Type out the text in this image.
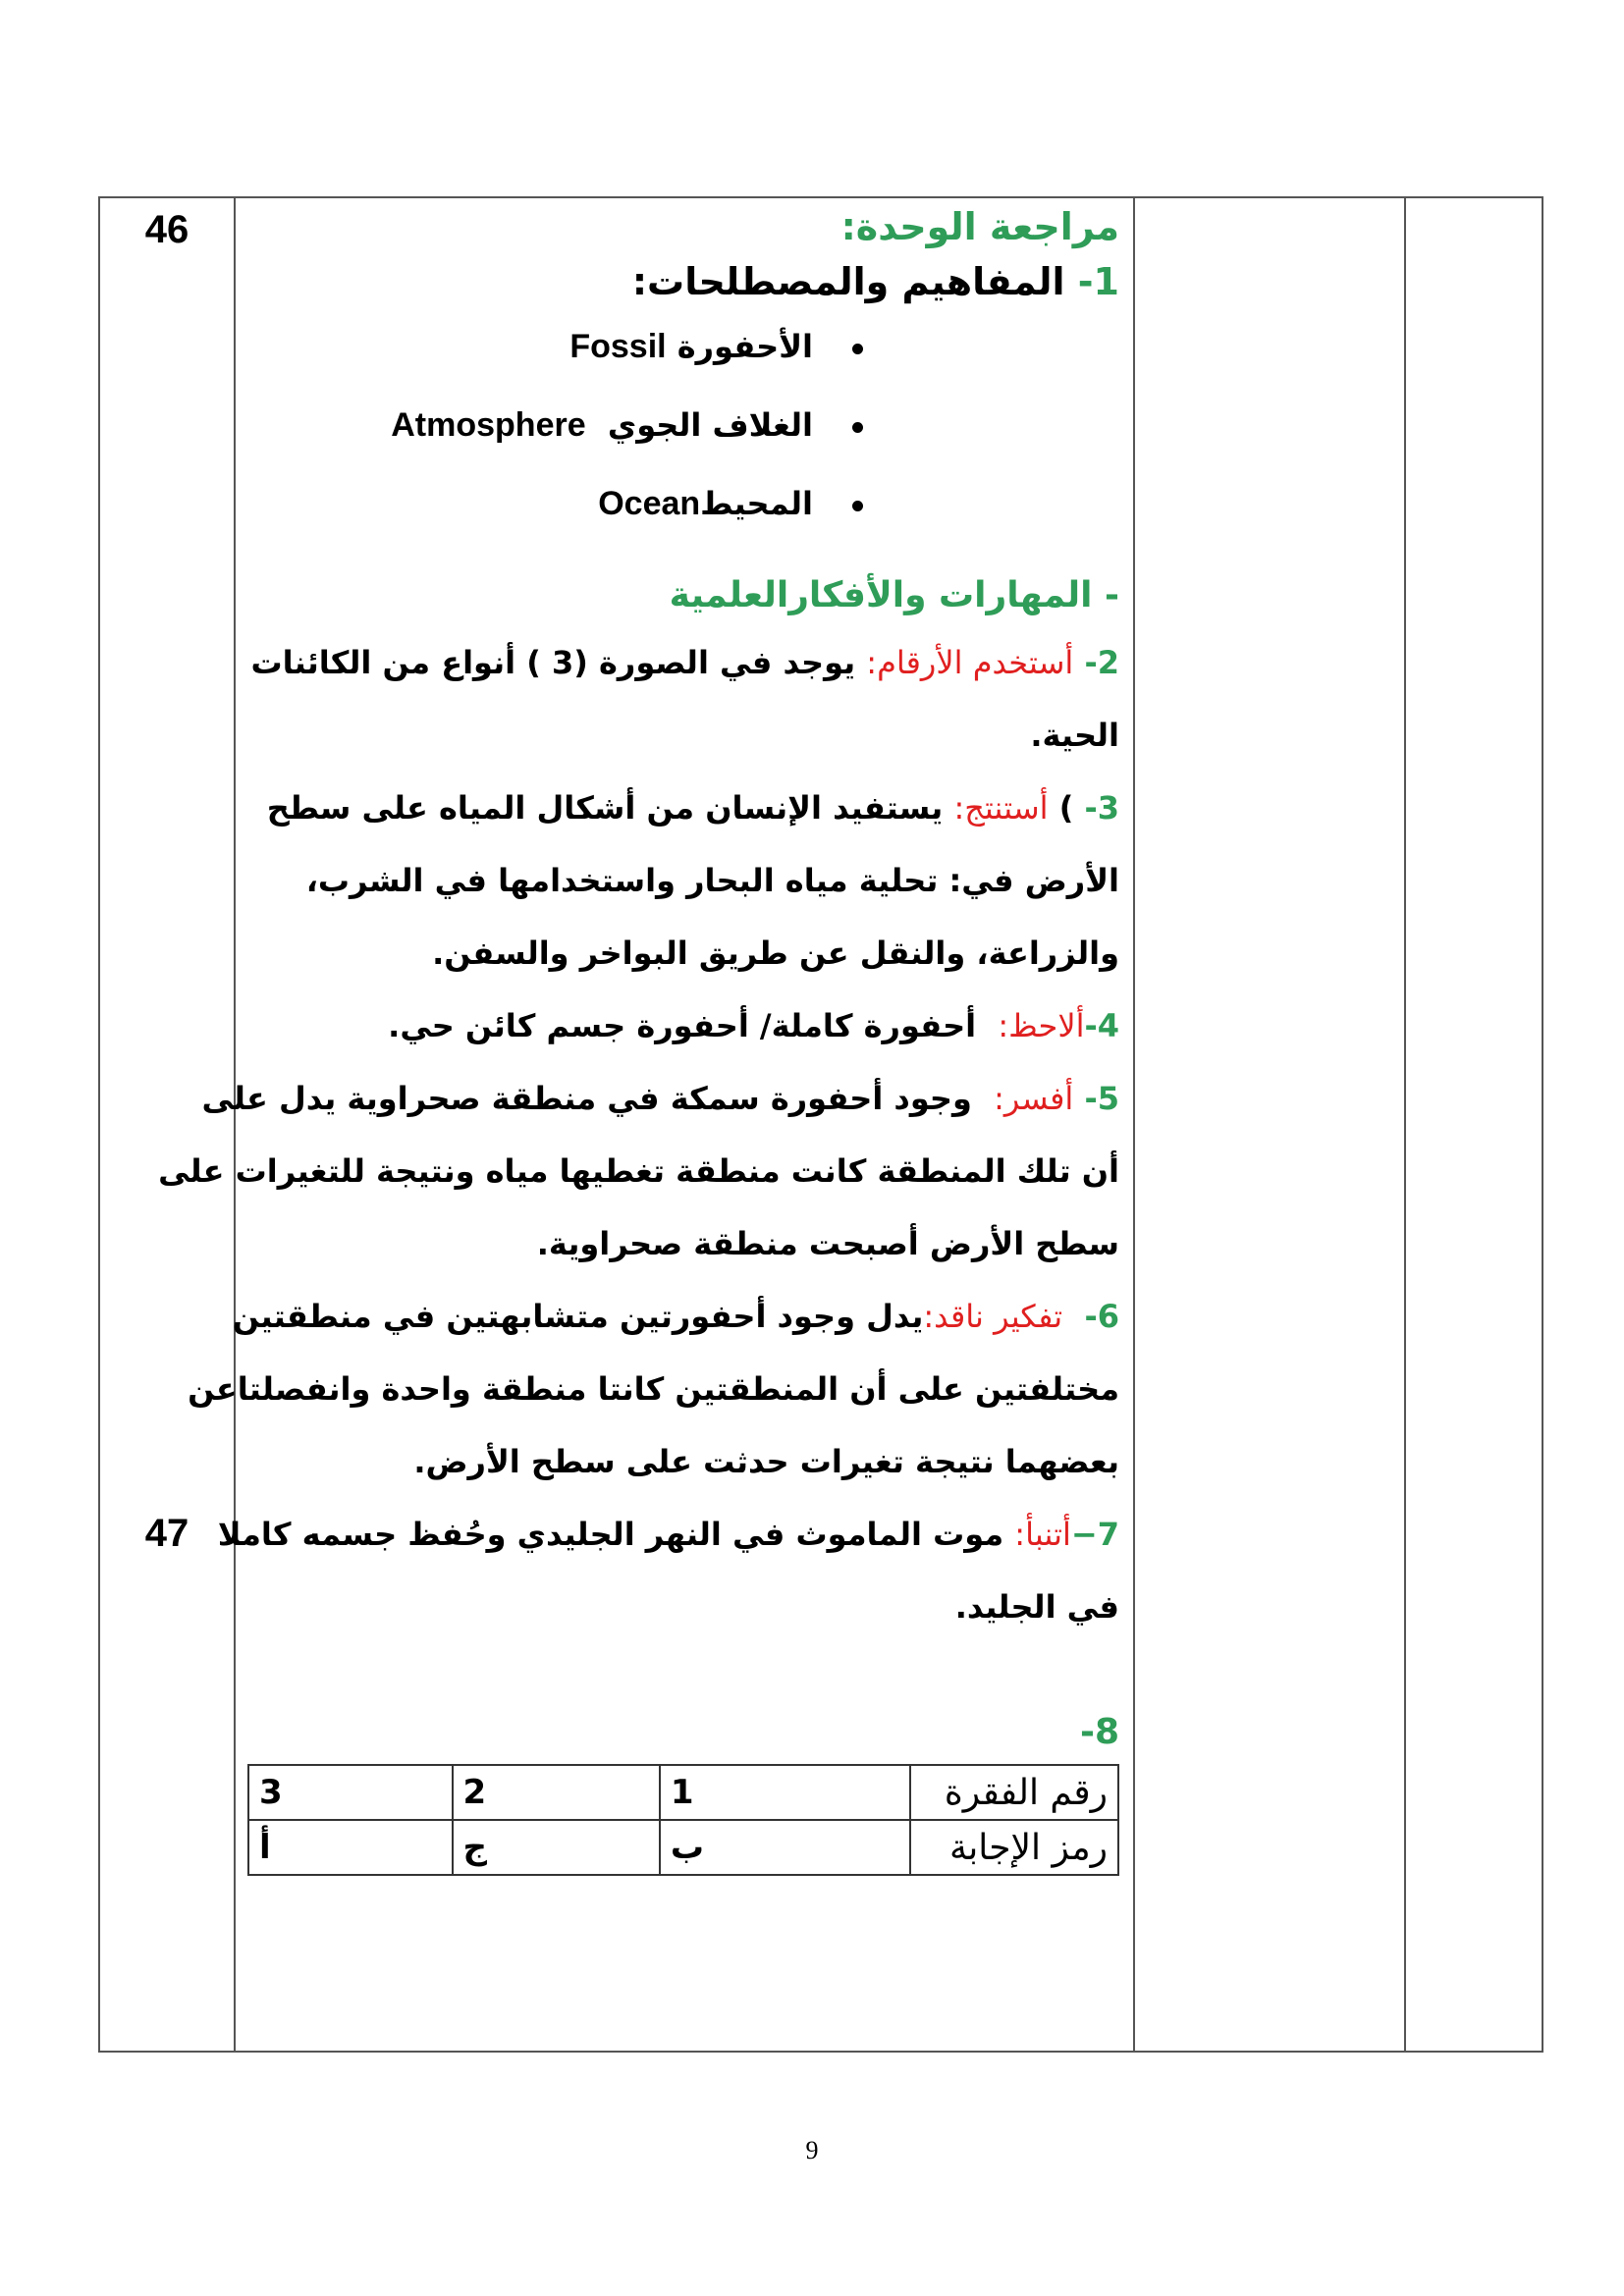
46
47
مراجعة الوحدة:
1- المفاهيم والمصطلحات:
الأحفورة Fossil
الغلاف الجوي  Atmosphere
المحيطOcean
- المهارات والأفكارالعلمية
2- أستخدم الأرقام: يوجد في الصورة (3 ) أنواع من الكائنات
الحية.
3- ) أستنتج: يستفيد الإنسان من أشكال المياه على سطح
الأرض في: تحلية مياه البحار واستخدامها في الشرب،
والزراعة، والنقل عن طريق البواخر والسفن.
4-ألاحظ:  أحفورة كاملة/ أحفورة جسم كائن حي.
5- أفسر:  وجود أحفورة سمكة في منطقة صحراوية يدل على
أن تلك المنطقة كانت منطقة تغطيها مياه ونتيجة للتغيرات على
سطح الأرض أصبحت منطقة صحراوية.
6-  تفكير ناقد:يدل وجود أحفورتين متشابهتين في منطقتين
مختلفتين على أن المنطقتين كانتا منطقة واحدة وانفصلتاعن
بعضهما نتيجة تغيرات حدثت على سطح الأرض.
7−أتنبأ: موت الماموث في النهر الجليدي وحُفظ جسمه كاملا
في الجليد.
-8
رقم الفقرة	1	2	3
رمز الإجابة	ب	ج	أ
9
